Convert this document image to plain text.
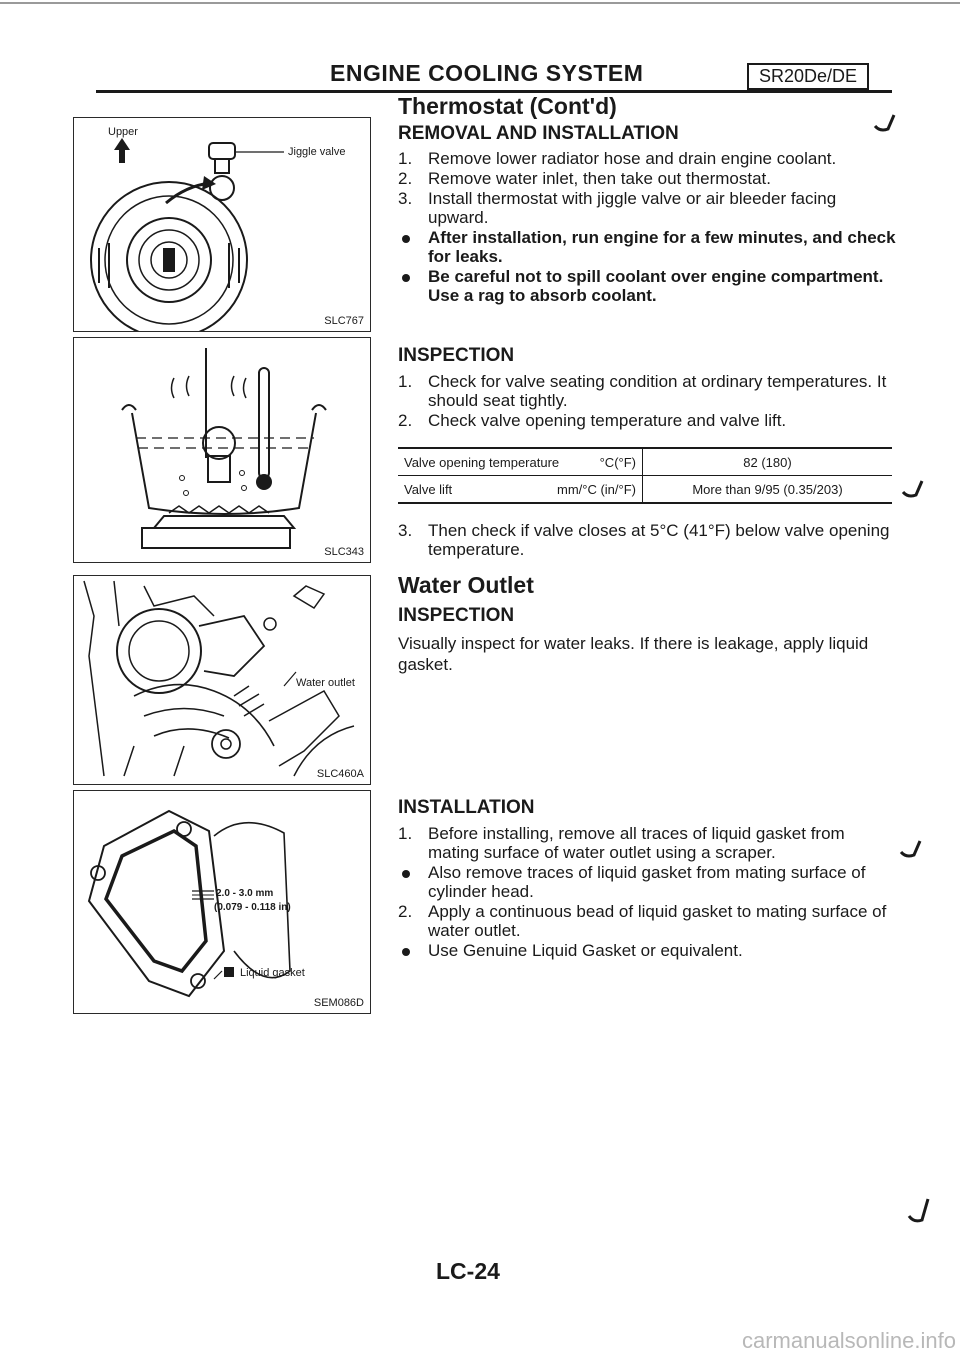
ENGINE COOLING SYSTEM	SR20De/DE
Thermostat (Cont'd)
REMOVAL AND INSTALLATION
1. Remove lower radiator hose and drain engine coolant.
2. Remove water inlet, then take out thermostat.
3. Install thermostat with jiggle valve or air bleeder facing upward.
After installation, run engine for a few minutes, and check for leaks.
Be careful not to spill coolant over engine compartment. Use a rag to absorb coolant.
INSPECTION
1. Check for valve seating condition at ordinary temperatures. It should seat tightly.
2. Check valve opening temperature and valve lift.
Valve opening temperature °C(°F)	82 (180)
Valve lift mm/°C (in/°F)	More than 9/95 (0.35/203)
3. Then check if valve closes at 5°C (41°F) below valve opening temperature.
Water Outlet
INSPECTION
Visually inspect for water leaks. If there is leakage, apply liquid gasket.
INSTALLATION
1. Before installing, remove all traces of liquid gasket from mating surface of water outlet using a scraper.
Also remove traces of liquid gasket from mating surface of cylinder head.
2. Apply a continuous bead of liquid gasket to mating surface of water outlet.
Use Genuine Liquid Gasket or equivalent.
Upper
Jiggle valve
SLC767
SLC343
Water outlet
SLC460A
2.0 - 3.0 mm
(0.079 - 0.118 in)
Liquid gasket
SEM086D
LC-24
carmanualsonline.info
